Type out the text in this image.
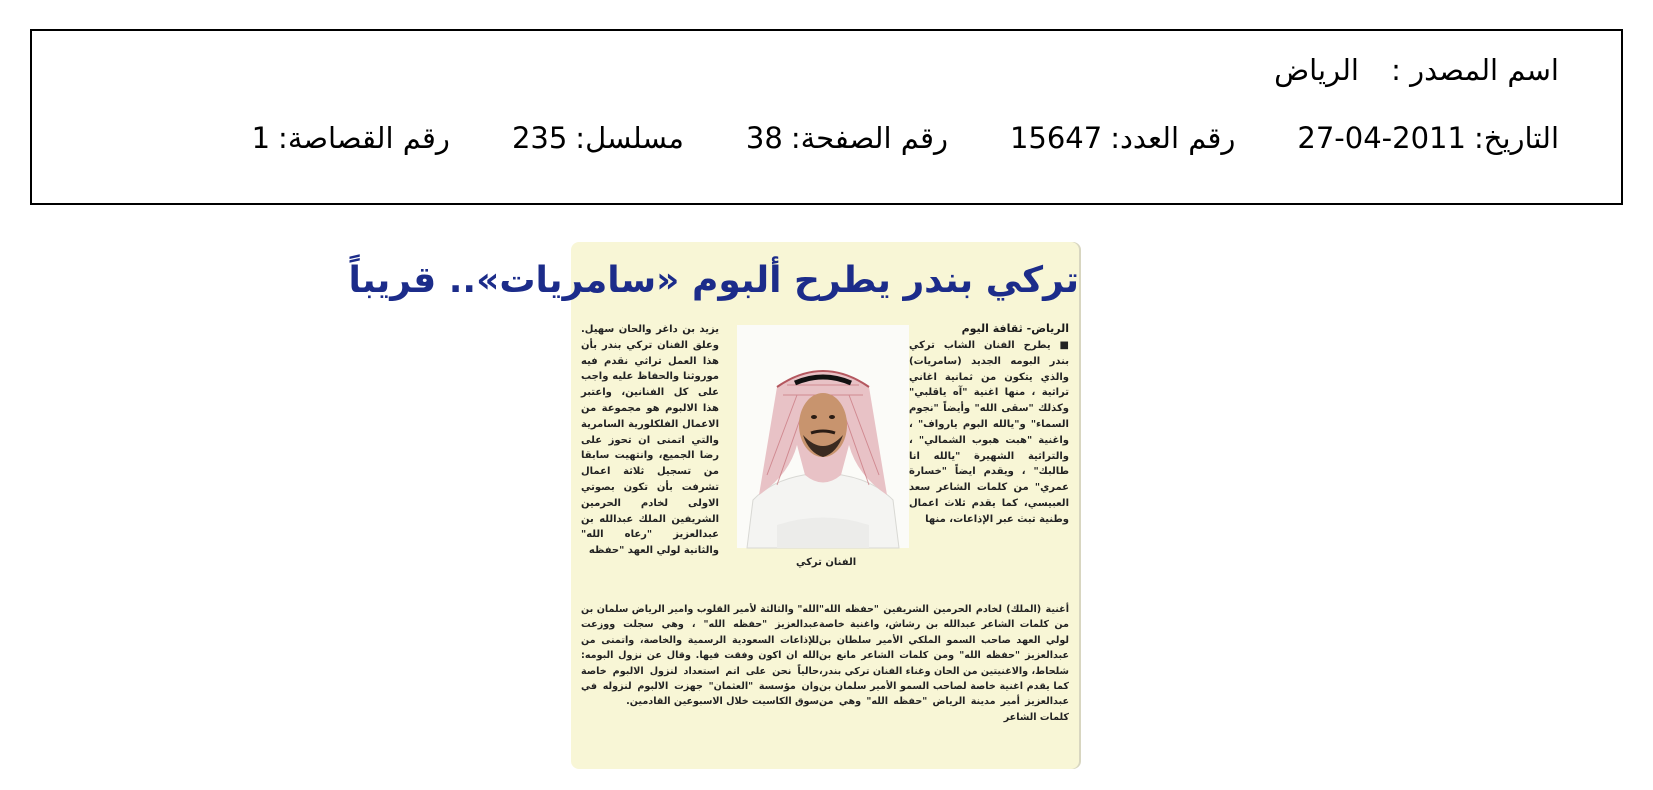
اسم المصدر :
الرياض
التاريخ:
27-04-2011
رقم العدد:
15647
رقم الصفحة:
38
مسلسل:
235
رقم القصاصة:
1
تركي بندر يطرح ألبوم «سامريات».. قريباً
الرياض- ثقافة اليوم

■ يطرح الفنان الشاب تركي بندر البومه الجديد (سامريات) والذي يتكون من ثمانية اغاني تراثية ، منها اغنية "آه ياقلبي" وكذلك "سقى الله" وأيضاً "نجوم السماء" و"يالله البوم يارواف" ، واغنية "هبت هبوب الشمالي" ، والتراثية الشهيرة "يالله انا طالبك" ، ويقدم ايضاً "خسارة عمري" من كلمات الشاعر سعد العبيسي، كما يقدم ثلاث اعمال وطنية تبث عبر الإذاعات، منها

الفنان تركي

يزيد بن داغر والحان سهيل. وعلق الفنان تركي بندر بأن هذا العمل تراثي نقدم فيه موروثنا والحفاظ عليه واجب على كل الفنانين، واعتبر هذا الالبوم هو مجموعة من الاعمال الفلكلورية السامرية والتي اتمنى ان تحوز على رضا الجميع، وانتهيت سابقا من تسجيل ثلاثة اعمال تشرفت بأن تكون بصوتي الاولى لخادم الحرمين الشريفين الملك عبدالله بن عبدالعزيز "رعاه الله" والثانية لولي العهد "حفظه

أغنية (الملك) لخادم الحرمين الشريفين "حفظه الله" من كلمات الشاعر عبدالله بن رشاش، واغنية خاصة لولي العهد صاحب السمو الملكي الأمير سلطان بن عبدالعزيز "حفظه الله" ومن كلمات الشاعر مانع بن شلحاط، والاغنيتين من الحان وغناء الفنان تركي بندر، كما يقدم اغنية خاصة لصاحب السمو الأمير سلمان بن عبدالعزيز أمير مدينة الرياض "حفظه الله" وهي من كلمات الشاعر

الله" والثالثة لأمير القلوب وامير الرياض سلمان بن عبدالعزيز "حفظه الله" ، وهي سجلت ووزعت للإذاعات السعودية الرسمية والخاصة، واتمنى من الله ان اكون وفقت فيها. وقال عن نزول البومه: حالياً نحن على اتم استعداد لنزول الالبوم خاصة وان مؤسسة "العثمان" جهزت الالبوم لنزوله في سوق الكاسيت خلال الاسبوعين القادمين.
